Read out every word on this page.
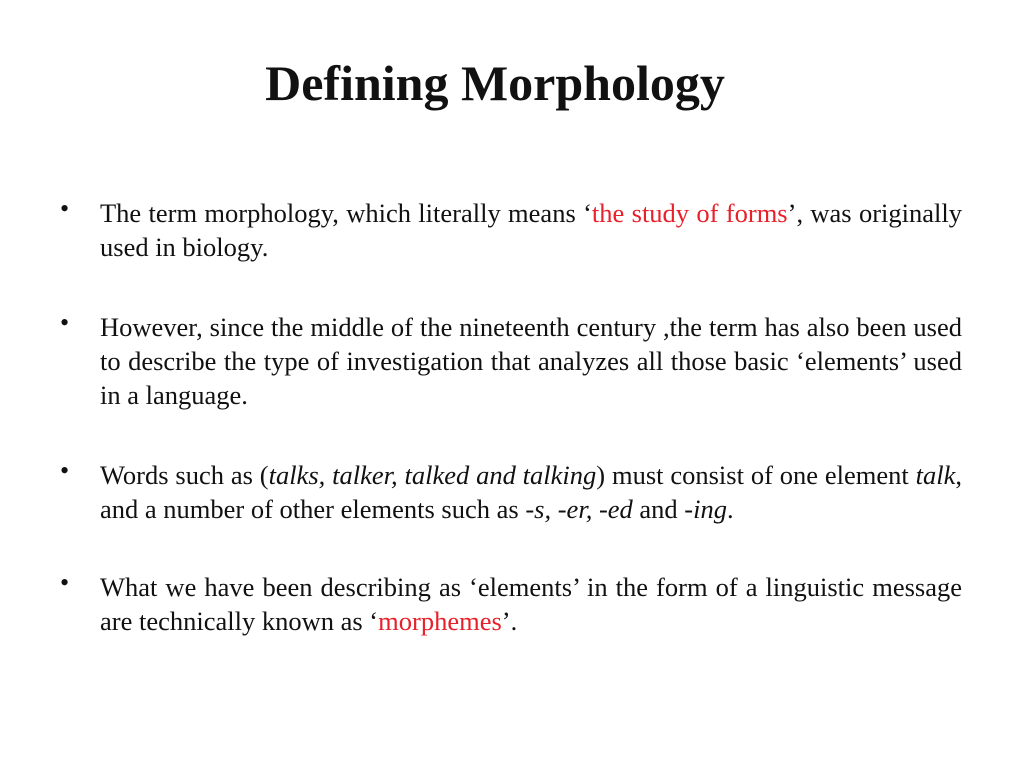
Defining Morphology
• The term morphology, which literally means ‘the study of forms’, was originally used in biology.
• However, since the middle of the nineteenth century ,the term has also been used to describe the type of investigation that analyzes all those basic ‘elements’ used in a language.
• Words such as (talks, talker, talked and talking) must consist of one element talk, and a number of other elements such as -s, -er, -ed and -ing.
• What we have been describing as ‘elements’ in the form of a linguistic message are technically known as ‘morphemes’.
